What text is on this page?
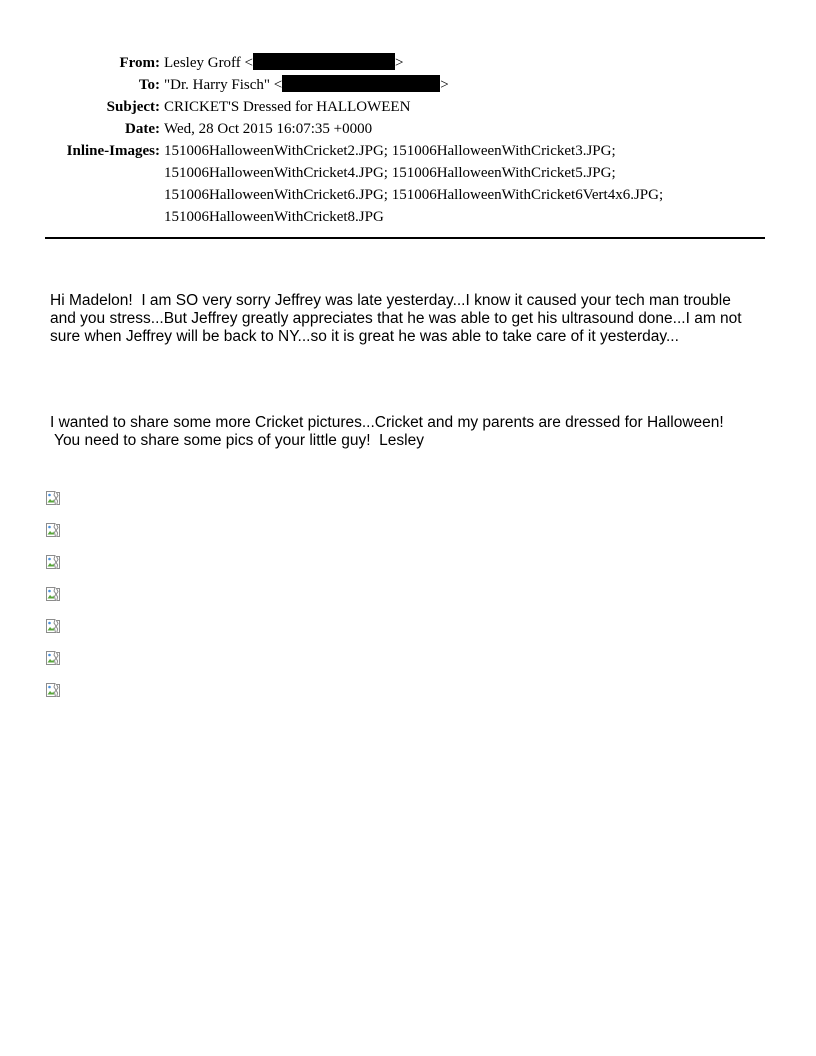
From: Lesley Groff <	>
To: "Dr. Harry Fisch" <	>
Subject: CRICKET'S Dressed for HALLOWEEN
Date: Wed, 28 Oct 2015 16:07:35 +0000
Inline-Images: 151006HalloweenWithCricket2.JPG; 151006HalloweenWithCricket3.JPG;
151006HalloweenWithCricket4.JPG; 151006HalloweenWithCricket5.JPG;
151006HalloweenWithCricket6.JPG; 151006HalloweenWithCricket6Vert4x6.JPG;
151006HalloweenWithCricket8.JPG
Hi Madelon!  I am SO very sorry Jeffrey was late yesterday...I know it caused your tech man trouble
and you stress...But Jeffrey greatly appreciates that he was able to get his ultrasound done...I am not
sure when Jeffrey will be back to NY...so it is great he was able to take care of it yesterday...
I wanted to share some more Cricket pictures...Cricket and my parents are dressed for Halloween!
You need to share some pics of your little guy!  Lesley
